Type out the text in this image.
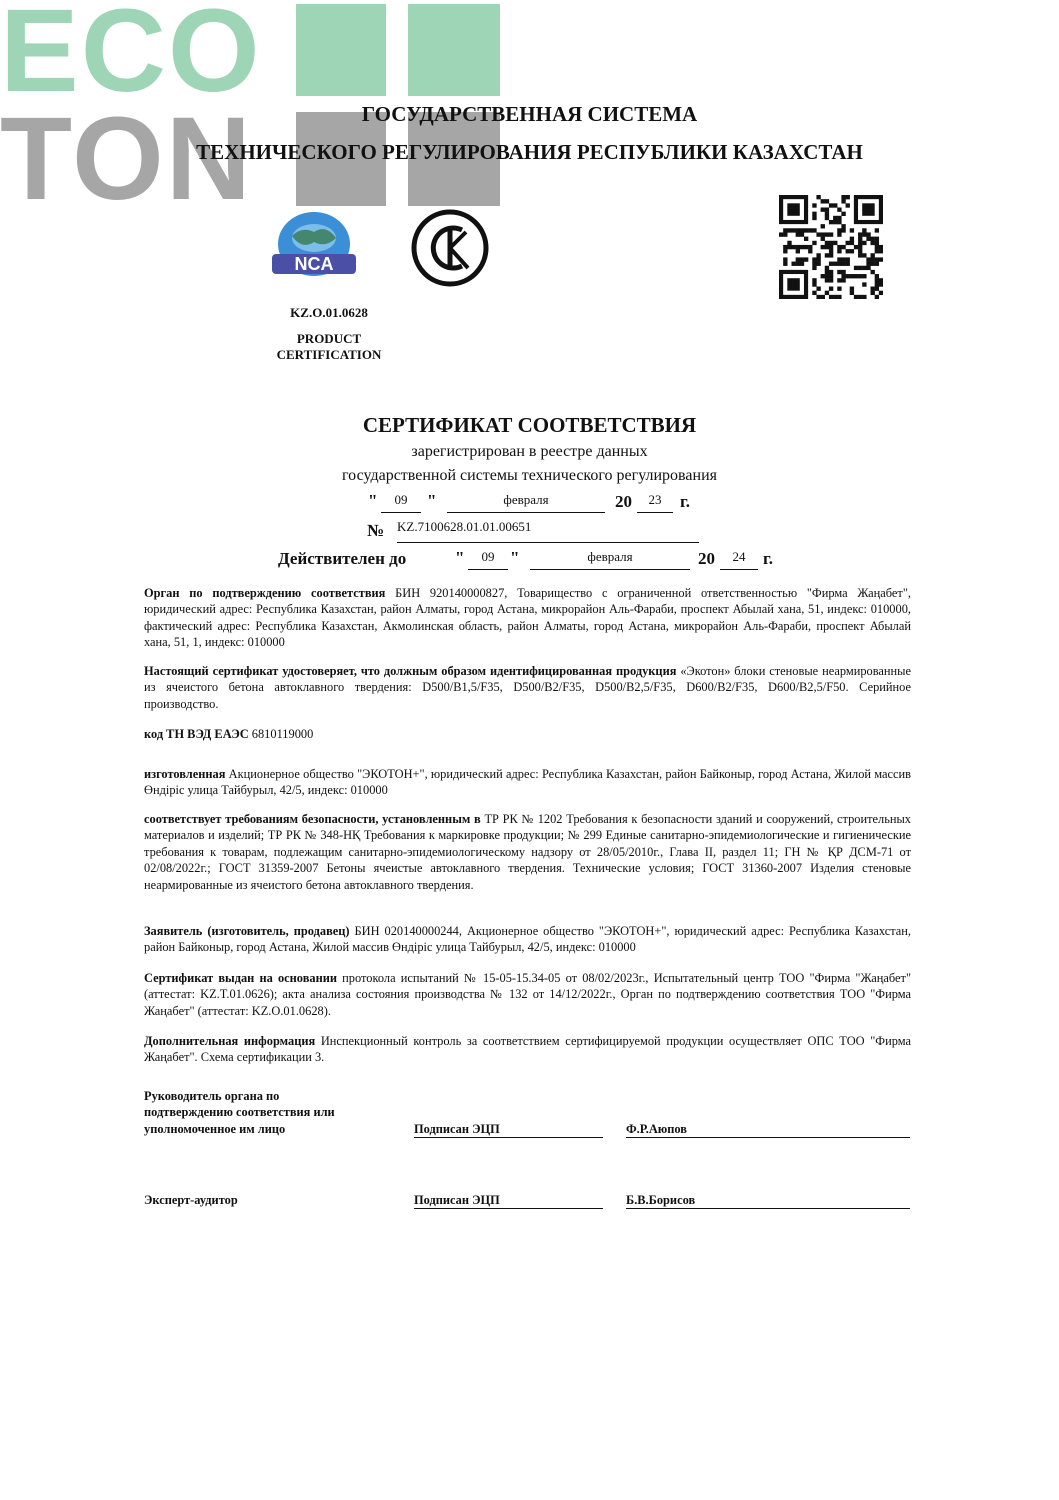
ECO
TON	ГОСУДАРСТВЕННАЯ СИСТЕМА
ТЕХНИЧЕСКОГО РЕГУЛИРОВАНИЯ РЕСПУБЛИКИ КАЗАХСТАН
NCA
KZ.O.01.0628
PRODUCT
CERTIFICATION
СЕРТИФИКАТ СООТВЕТСТВИЯ
зарегистрирован в реестре данных
государственной системы технического регулирования
"	09	"	февраля	20	23	г.
№ KZ.7100628.01.01.00651
Действителен до	"	09 "	февраля	20	24	г.
Орган по подтверждению соответствия БИН 920140000827, Товарищество с ограниченной ответственностью "Фирма Жаңабет", юридический адрес: Республика Казахстан, район Алматы, город Астана, микрорайон Аль-Фараби, проспект Абылай хана, 51, индекс: 010000, фактический адрес: Республика Казахстан, Акмолинская область, район Алматы, город Астана, микрорайон Аль-Фараби, проспект Абылай хана, 51, 1, индекс: 010000
Настоящий сертификат удостоверяет, что должным образом идентифицированная продукция «Экотон» блоки стеновые неармированные из ячеистого бетона автоклавного твердения: D500/B1,5/F35, D500/B2/F35, D500/B2,5/F35, D600/B2/F35, D600/B2,5/F50. Серийное производство.
код ТН ВЭД ЕАЭС 6810119000
изготовленная Акционерное общество "ЭКОТОН+", юридический адрес: Республика Казахстан, район Байконыр, город Астана, Жилой массив Өндіріс улица Тайбурыл, 42/5, индекс: 010000
соответствует требованиям безопасности, установленным в ТР РК № 1202 Требования к безопасности зданий и сооружений, строительных материалов и изделий; ТР РК № 348-НҚ Требования к маркировке продукции; № 299 Единые санитарно-эпидемиологические и гигиенические требования к товарам, подлежащим санитарно-эпидемиологическому надзору от 28/05/2010г., Глава II, раздел 11; ГН № ҚР ДСМ-71 от 02/08/2022г.; ГОСТ 31359-2007 Бетоны ячеистые автоклавного твердения. Технические условия; ГОСТ 31360-2007 Изделия стеновые неармированные из ячеистого бетона автоклавного твердения.
Заявитель (изготовитель, продавец) БИН 020140000244, Акционерное общество "ЭКОТОН+", юридический адрес: Республика Казахстан, район Байконыр, город Астана, Жилой массив Өндіріс улица Тайбурыл, 42/5, индекс: 010000
Сертификат выдан на основании протокола испытаний № 15-05-15.34-05 от 08/02/2023г., Испытательный центр ТОО "Фирма "Жаңабет" (аттестат: KZ.T.01.0626); акта анализа состояния производства № 132 от 14/12/2022г., Орган по подтверждению соответствия ТОО "Фирма Жаңабет" (аттестат: KZ.O.01.0628).
Дополнительная информация Инспекционный контроль за соответствием сертифицируемой продукции осуществляет ОПС ТОО "Фирма Жаңабет". Схема сертификации 3.
Руководитель органа по
подтверждению соответствия или
уполномоченное им лицо	Подписан ЭЦП	Ф.Р.Аюпов
Эксперт-аудитор	Подписан ЭЦП	Б.В.Борисов
